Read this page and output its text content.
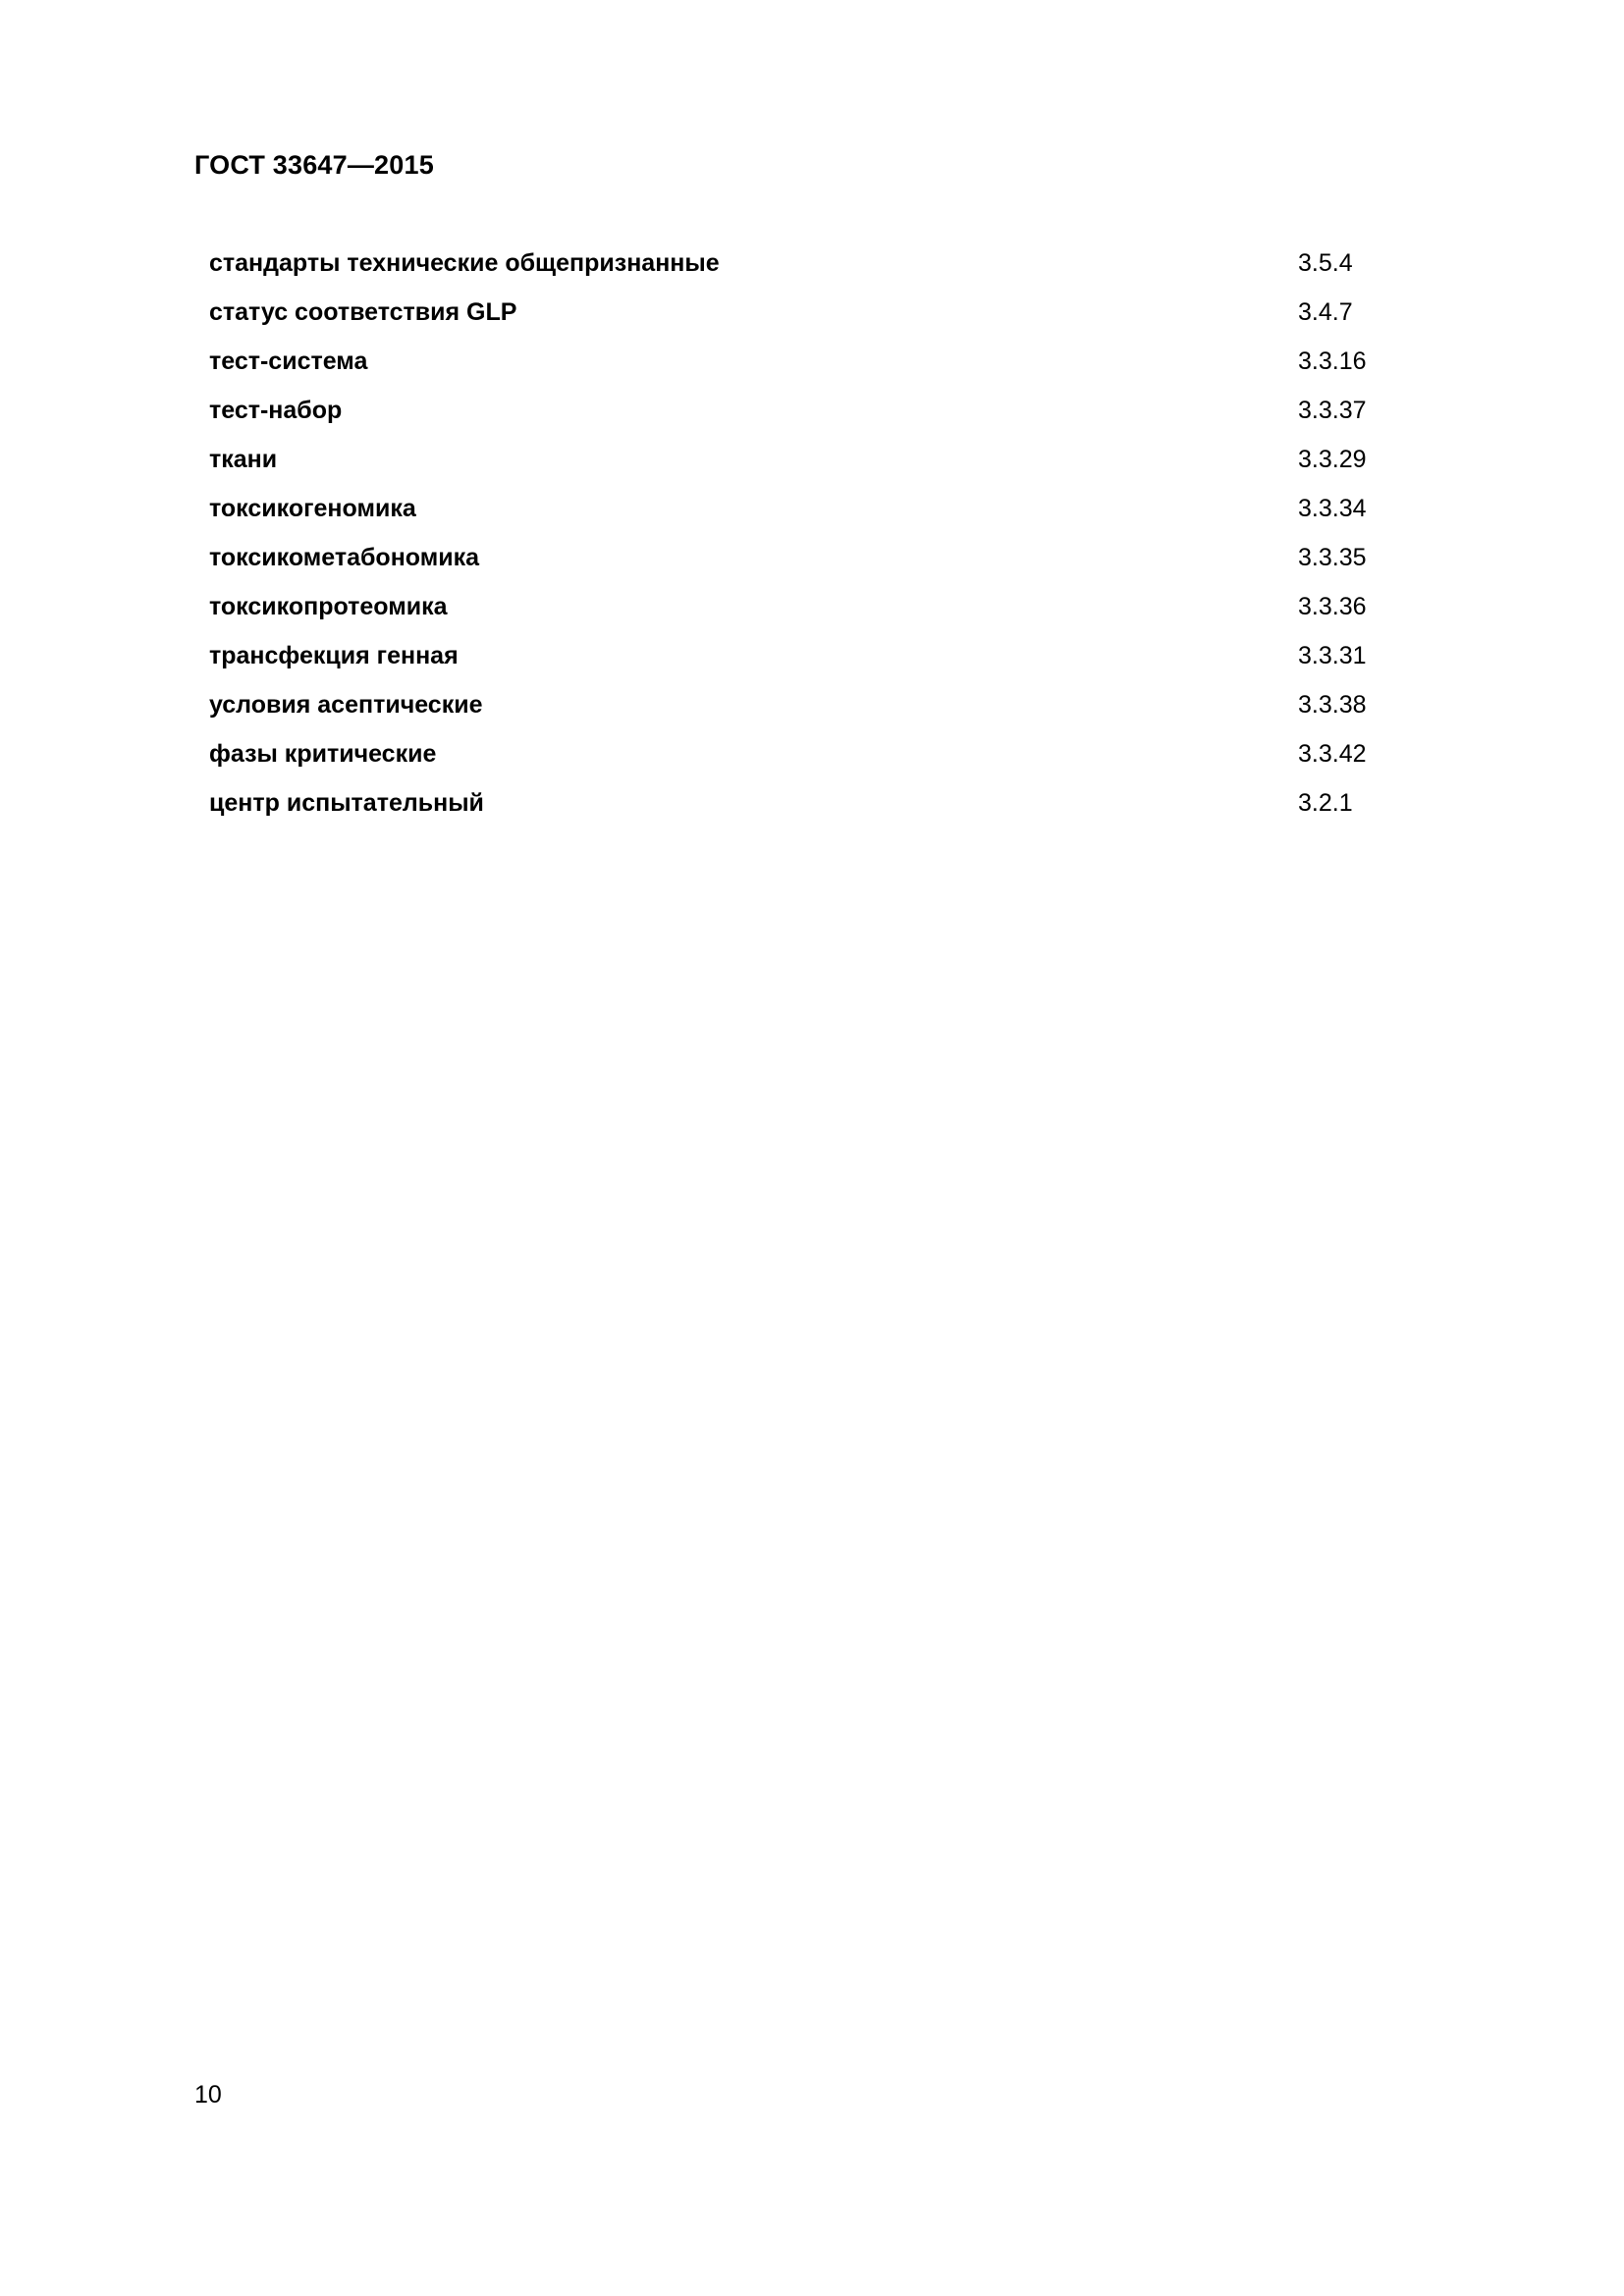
ГОСТ 33647—2015
стандарты технические общепризнанные	3.5.4
статус соответствия GLP	3.4.7
тест-система	3.3.16
тест-набор	3.3.37
ткани	3.3.29
токсикогеномика	3.3.34
токсикометабономика	3.3.35
токсикопротеомика	3.3.36
трансфекция генная	3.3.31
условия асептические	3.3.38
фазы критические	3.3.42
центр испытательный	3.2.1
10
